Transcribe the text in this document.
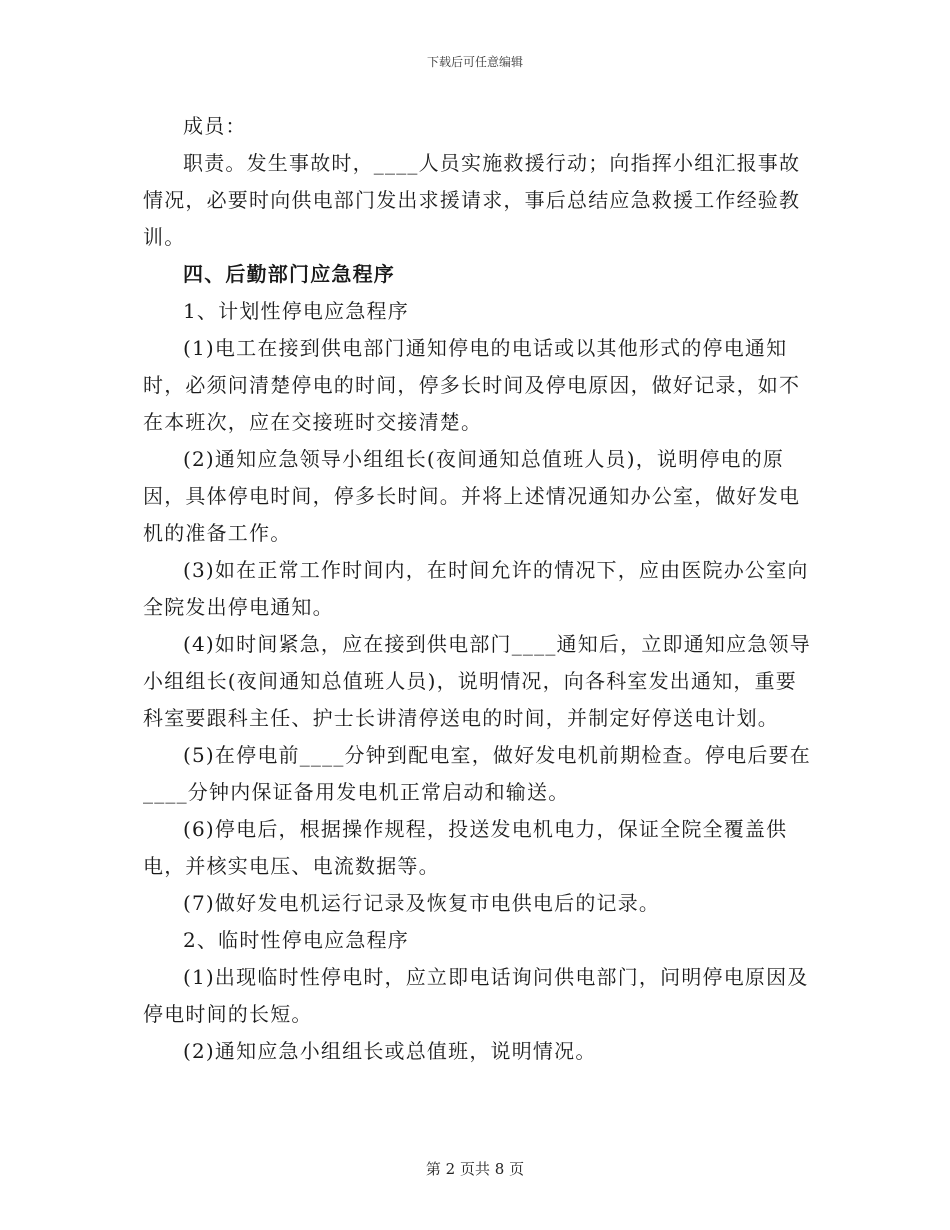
下载后可任意编辑

成员：

职责。发生事故时，____人员实施救援行动；向指挥小组汇报事故情况，必要时向供电部门发出求援请求，事后总结应急救援工作经验教训。

四、后勤部门应急程序

1、计划性停电应急程序

(1)电工在接到供电部门通知停电的电话或以其他形式的停电通知时，必须问清楚停电的时间，停多长时间及停电原因，做好记录，如不在本班次，应在交接班时交接清楚。

(2)通知应急领导小组组长(夜间通知总值班人员)，说明停电的原因，具体停电时间，停多长时间。并将上述情况通知办公室，做好发电机的准备工作。

(3)如在正常工作时间内，在时间允许的情况下，应由医院办公室向全院发出停电通知。

(4)如时间紧急，应在接到供电部门____通知后，立即通知应急领导小组组长(夜间通知总值班人员)，说明情况，向各科室发出通知，重要科室要跟科主任、护士长讲清停送电的时间，并制定好停送电计划。

(5)在停电前____分钟到配电室，做好发电机前期检查。停电后要在____分钟内保证备用发电机正常启动和输送。

(6)停电后，根据操作规程，投送发电机电力，保证全院全覆盖供电，并核实电压、电流数据等。

(7)做好发电机运行记录及恢复市电供电后的记录。

2、临时性停电应急程序

(1)出现临时性停电时，应立即电话询问供电部门，问明停电原因及停电时间的长短。

(2)通知应急小组组长或总值班，说明情况。

第 2 页共 8 页
